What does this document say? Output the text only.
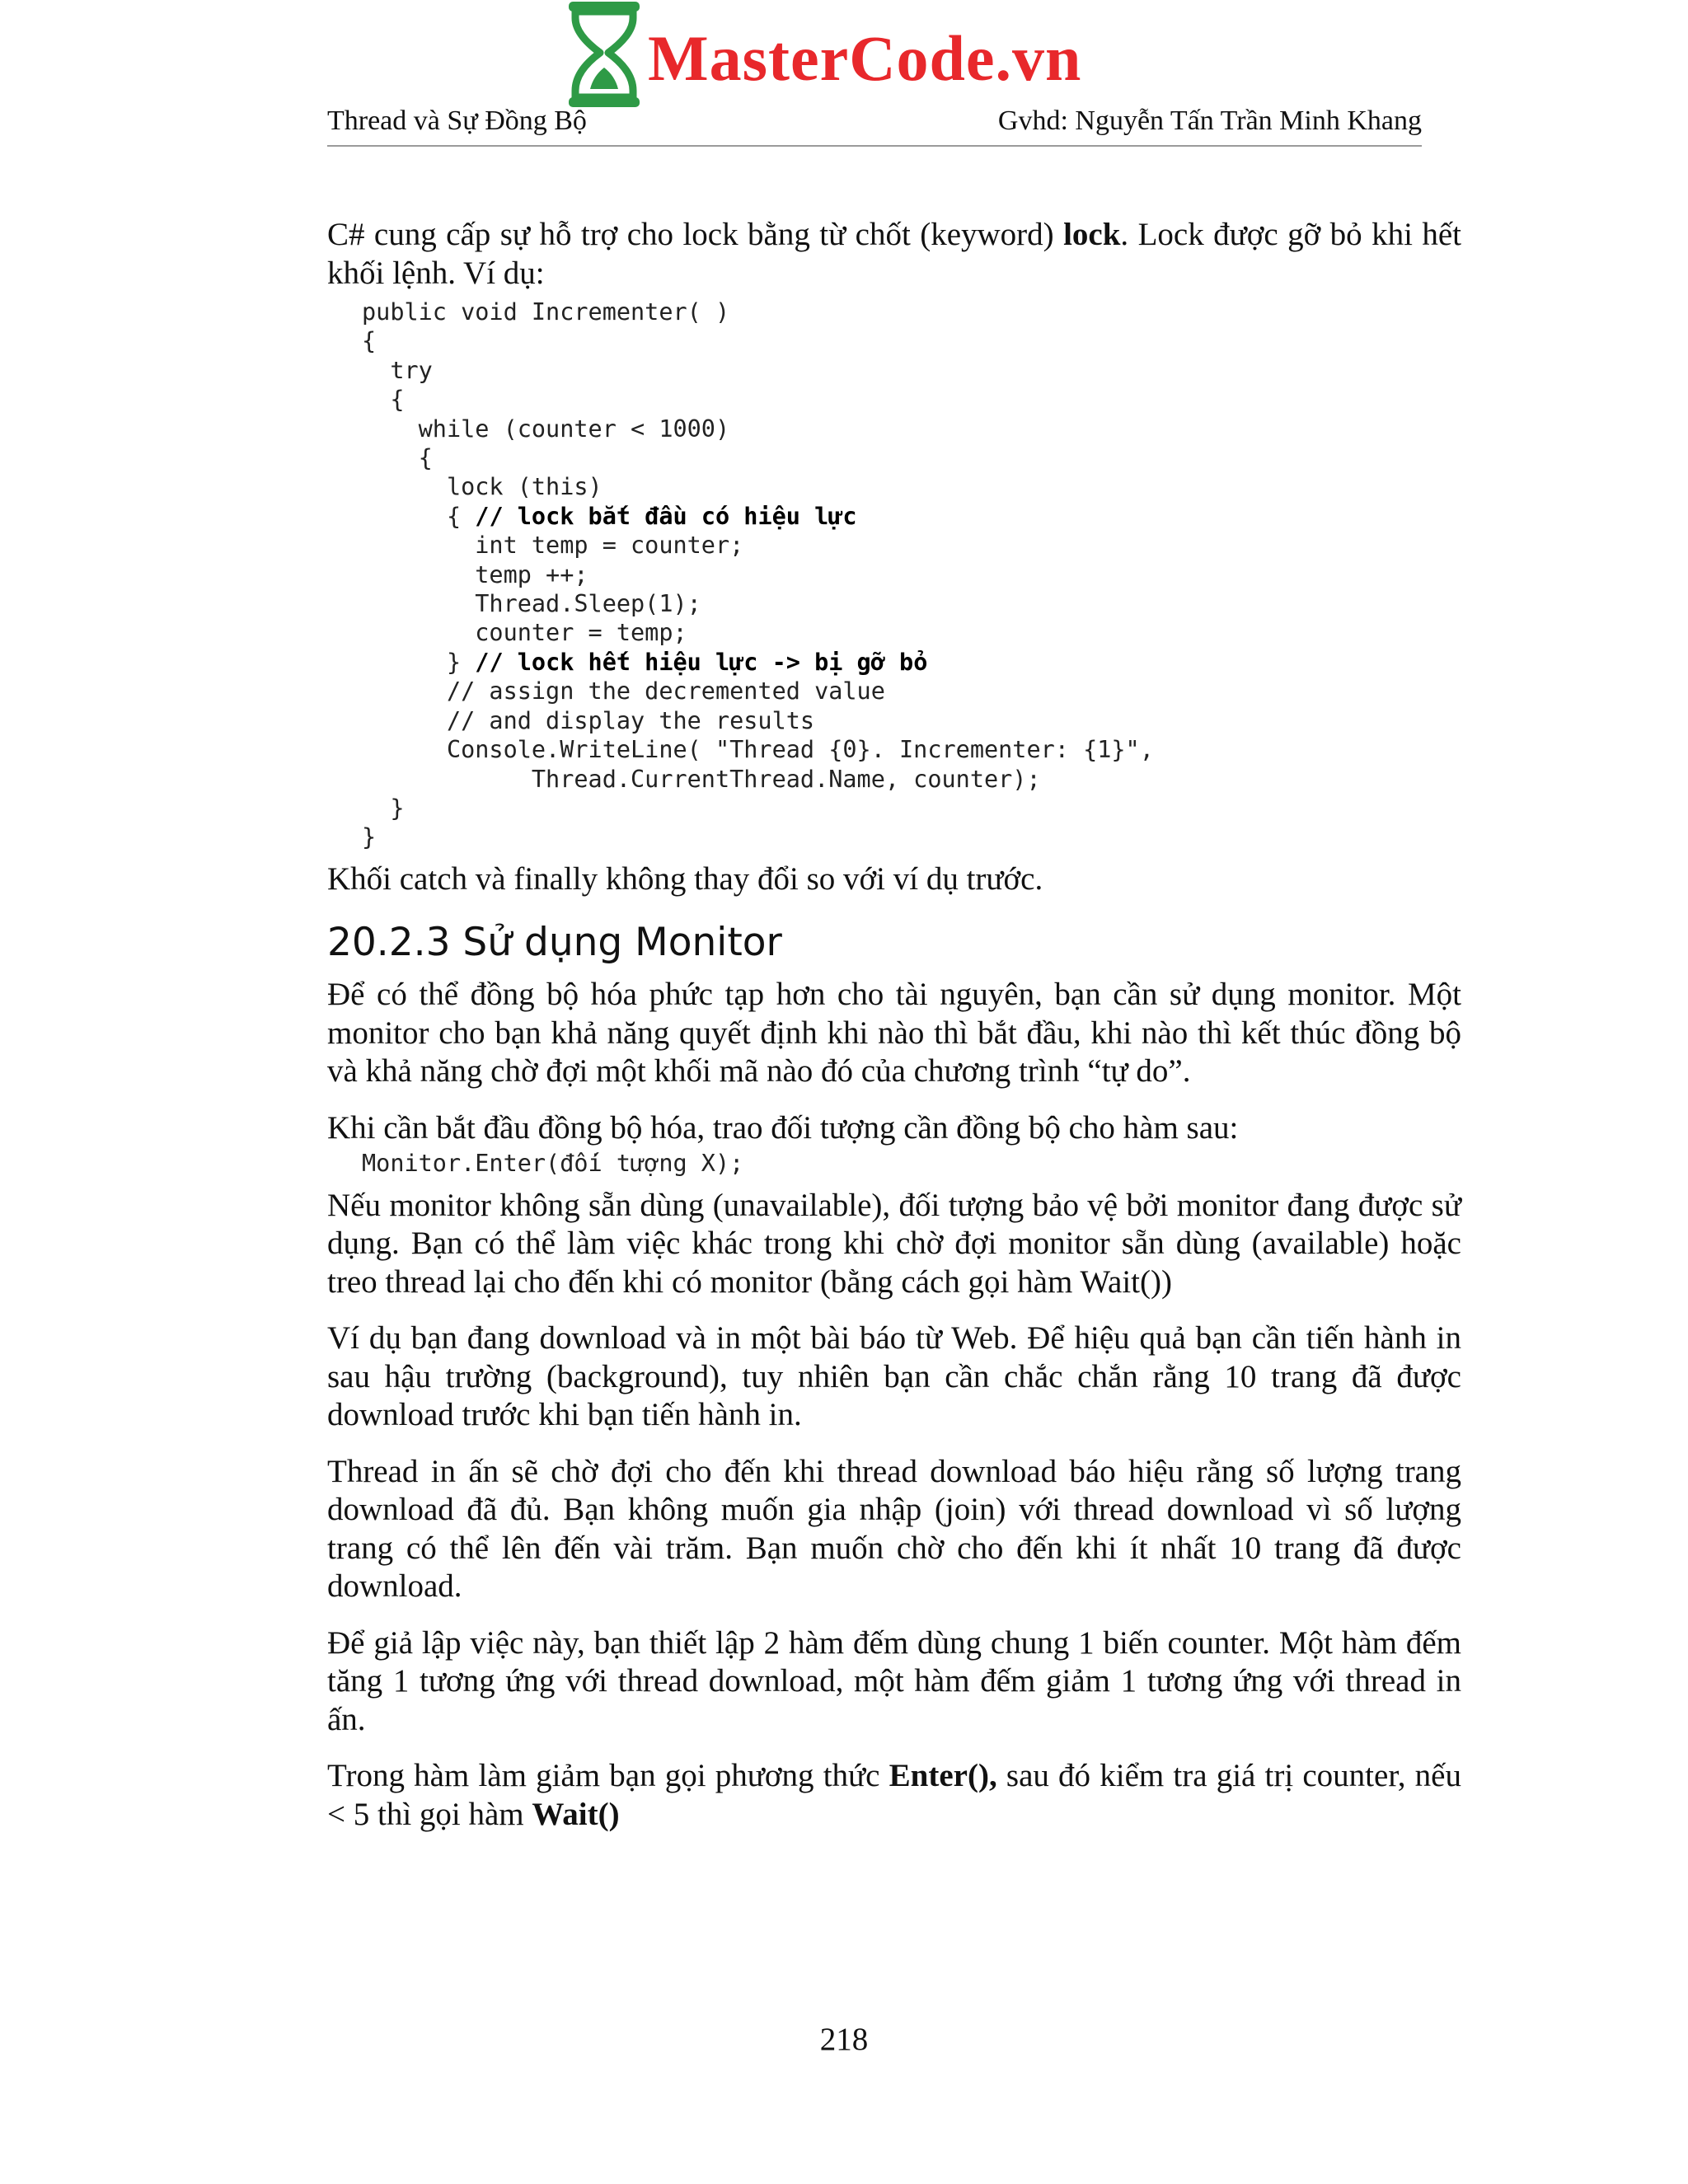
MasterCode.vn
Thread và Sự Đồng Bộ	Gvhd: Nguyễn Tấn Trần Minh Khang

C# cung cấp sự hỗ trợ cho lock bằng từ chốt (keyword) lock. Lock được gỡ bỏ khi hết khối lệnh. Ví dụ:

public void Incrementer( )
{
try
{
while (counter < 1000)
{
lock (this)
{ // lock bắt đầu có hiệu lực
int temp = counter;
temp ++;
Thread.Sleep(1);
counter = temp;
} // lock hết hiệu lực -> bị gỡ bỏ
// assign the decremented value
// and display the results
Console.WriteLine( "Thread {0}. Incrementer: {1}",
Thread.CurrentThread.Name, counter);
}
}

Khối catch và finally không thay đổi so với ví dụ trước.

20.2.3 Sử dụng Monitor

Để có thể đồng bộ hóa phức tạp hơn cho tài nguyên, bạn cần sử dụng monitor. Một monitor cho bạn khả năng quyết định khi nào thì bắt đầu, khi nào thì kết thúc đồng bộ và khả năng chờ đợi một khối mã nào đó của chương trình “tự do”.

Khi cần bắt đầu đồng bộ hóa, trao đối tượng cần đồng bộ cho hàm sau:

Monitor.Enter(đối tượng X);

Nếu monitor không sẵn dùng (unavailable), đối tượng bảo vệ bởi monitor đang được sử dụng. Bạn có thể làm việc khác trong khi chờ đợi monitor sẵn dùng (available) hoặc treo thread lại cho đến khi có monitor (bằng cách gọi hàm Wait())

Ví dụ bạn đang download và in một bài báo từ Web. Để hiệu quả bạn cần tiến hành in sau hậu trường (background), tuy nhiên bạn cần chắc chắn rằng 10 trang đã được download trước khi bạn tiến hành in.

Thread in ấn sẽ chờ đợi cho đến khi thread download báo hiệu rằng số lượng trang download đã đủ. Bạn không muốn gia nhập (join) với thread download vì số lượng trang có thể lên đến vài trăm. Bạn muốn chờ cho đến khi ít nhất 10 trang đã được download.

Để giả lập việc này, bạn thiết lập 2 hàm đếm dùng chung 1 biến counter. Một hàm đếm tăng 1 tương ứng với thread download, một hàm đếm giảm 1 tương ứng với thread in ấn.

Trong hàm làm giảm bạn gọi phương thức Enter(), sau đó kiểm tra giá trị counter, nếu < 5 thì gọi hàm Wait()

218
